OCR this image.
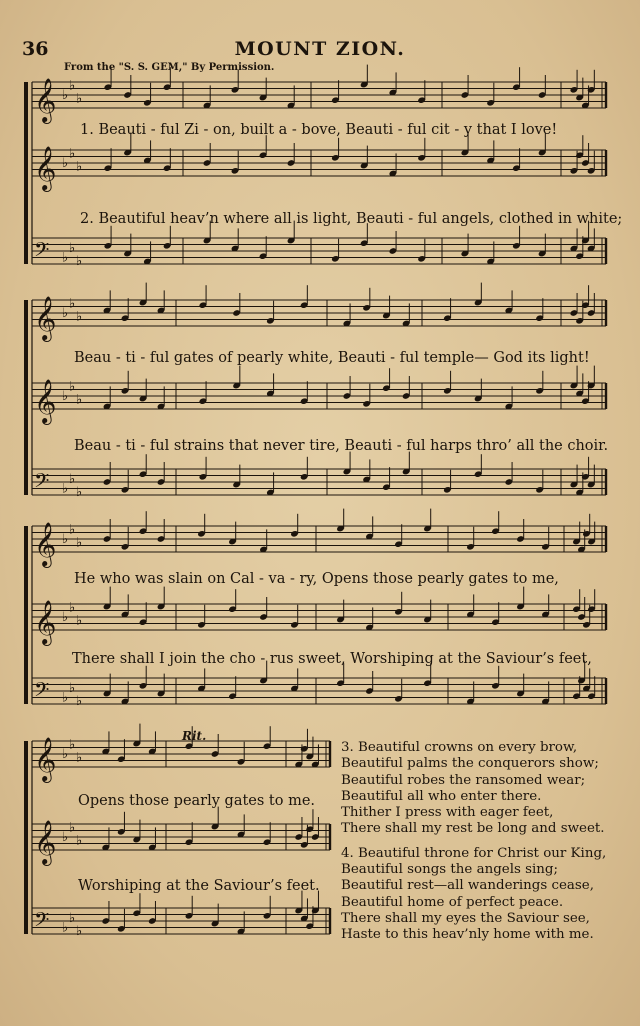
36	MOUNT ZION.
From the "S. S. GEM," By Permission.
𝄞 ♭
♭
♭
𝄞 ♭
♭
♭
𝄢 ♭
♭
♭
𝄞 ♭
♭
♭
𝄞 ♭
♭
♭
𝄢 ♭
♭
♭
𝄞 ♭
♭
♭
𝄞 ♭
♭
♭
𝄢 ♭
♭
♭
𝄞 ♭
♭
♭
𝄞 ♭
♭
♭
𝄢 ♭
♭
♭
1. Beauti - ful Zi - on, built a - bove, Beauti - ful cit - y that I love!
2. Beautiful heav’n where all is light, Beauti - ful angels, clothed in white;
Beau - ti - ful gates of pearly white, Beauti - ful temple— God its light!
Beau - ti - ful strains that never tire, Beauti - ful harps thro’ all the choir.
He who was slain on Cal - va - ry, Opens those pearly gates to me,
There shall I join the cho - rus sweet, Worshiping at the Saviour’s feet,
Opens those pearly gates to me.
Worshiping at the Saviour’s feet.
Rit.
3. Beautiful crowns on every brow,
Beautiful palms the conquerors show;
Beautiful robes the ransomed wear;
Beautiful all who enter there.
Thither I press with eager feet,
There shall my rest be long and sweet.
4. Beautiful throne for Christ our King,
Beautiful songs the angels sing;
Beautiful rest—all wanderings cease,
Beautiful home of perfect peace.
There shall my eyes the Saviour see,
Haste to this heav’nly home with me.
